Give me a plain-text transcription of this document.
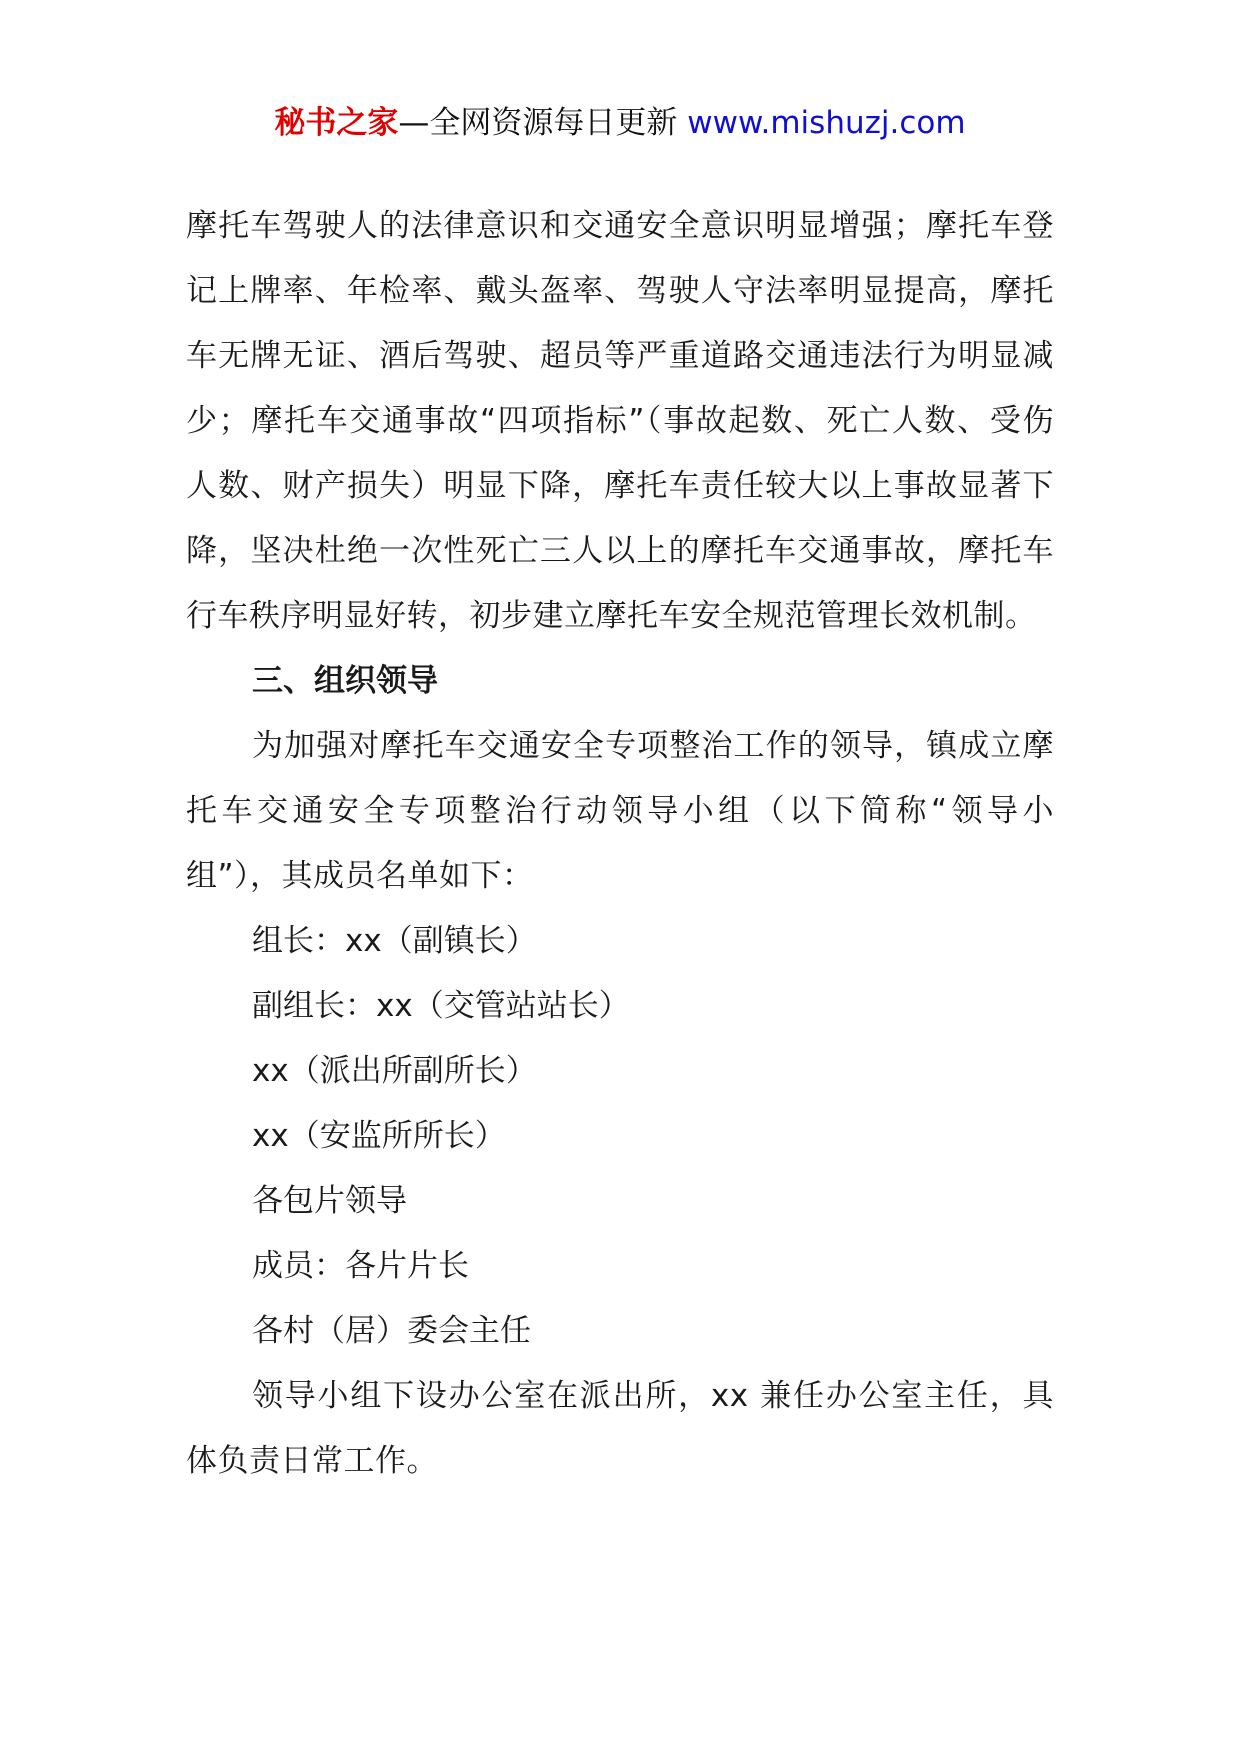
秘书之家—全网资源每日更新 www.mishuzj.com

摩托车驾驶人的法律意识和交通安全意识明显增强；摩托车登记上牌率、年检率、戴头盔率、驾驶人守法率明显提高，摩托车无牌无证、酒后驾驶、超员等严重道路交通违法行为明显减少；摩托车交通事故“四项指标”（事故起数、死亡人数、受伤人数、财产损失）明显下降，摩托车责任较大以上事故显著下降，坚决杜绝一次性死亡三人以上的摩托车交通事故，摩托车行车秩序明显好转，初步建立摩托车安全规范管理长效机制。

三、组织领导

为加强对摩托车交通安全专项整治工作的领导，镇成立摩托车交通安全专项整治行动领导小组（以下简称“领导小组”），其成员名单如下：

组长：xx（副镇长）

副组长：xx（交管站站长）

xx（派出所副所长）

xx（安监所所长）

各包片领导

成员：各片片长

各村（居）委会主任

领导小组下设办公室在派出所，xx 兼任办公室主任，具体负责日常工作。
